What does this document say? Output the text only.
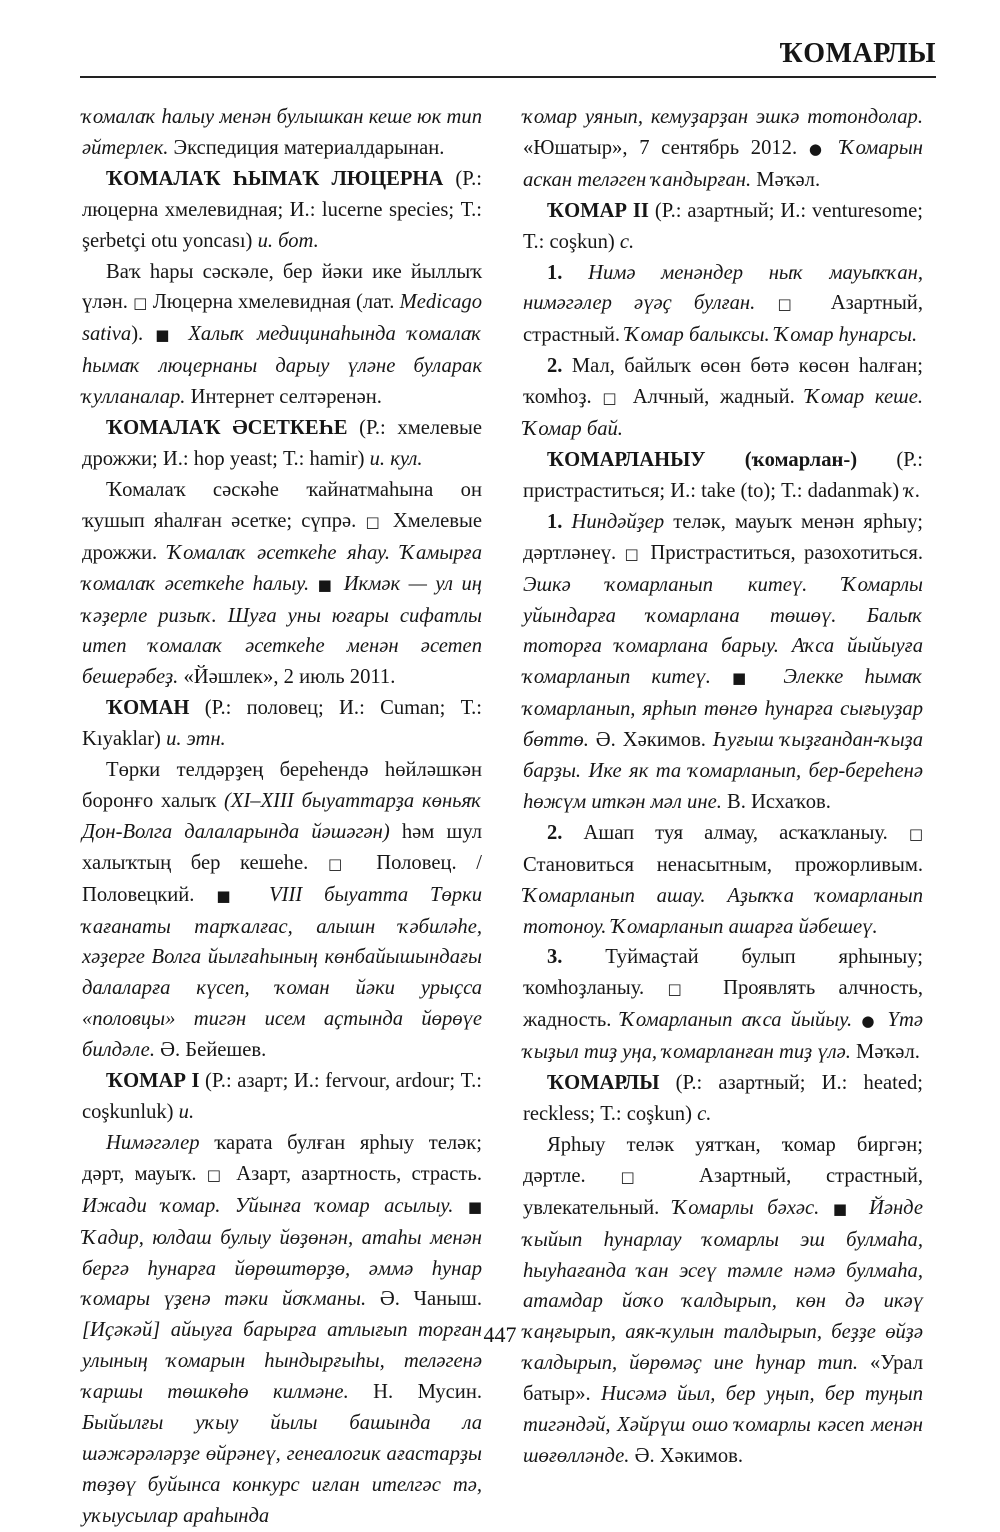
ҠОМАРЛЫ

ҡомалаҡ һалыу менән булышкан кеше юк тип әйтерлек. Экспедиция материалдарынан.

ҠОМАЛАҠ ҺЫМАҠ ЛЮЦЕРНА (Р.: люцерна хмелевидная; И.: lucerne species; Т.: şerbetçi otu yoncası) и. бот.

Ваҡ һары сәскәле, бер йәки ике йыллыҡ үлән. □ Люцерна хмелевидная (лат. Medicago sativa). ■ Халыҡ медицинаһында ҡомалаҡ һымаҡ люцернаны дарыу үләне буларак ҡулланалар. Интернет селтәренән.

ҠОМАЛАҠ ӘСЕТКЕҺЕ (Р.: хмелевые дрожжи; И.: hop yeast; Т.: hamir) и. кул.

Ҡомалаҡ сәскәһе ҡайнатмаһына он ҡушып яһалған әсетке; сүпрә. □ Хмелевые дрожжи. Ҡомалаҡ әсеткеһе яһау. Ҡамырға ҡомалаҡ әсеткеһе һалыу. ■ Икмәк — ул иң ҡәҙерле ризыҡ. Шуға уны юғары сифатлы итеп ҡомалаҡ әсеткеһе менән әсетеп бешерәбеҙ. «Йәшлек», 2 июль 2011.

ҠОМАН (Р.: половец; И.: Cuman; Т.: Kıyaklar) и. этн.

Төрки телдәрҙең береһендә һөйләшкән боронғо халыҡ (XI–XIII быуаттарҙа көньяҡ Дон-Волга далаларында йәшәгән) һәм шул халыҡтың бер кешеһе. □ Половец. / Половецкий. ■ VIII быуатта Төрки ҡағанаты тарҡалғас, алышн ҡәбиләһе, хәҙерге Волга йылғаһының көнбайышындағы далаларға күсеп, ҡоман йәки урыҫса «половцы» тигән исем аҫтында йөрөүе билдәле. Ә. Бейешев.

ҠОМАР I (Р.: азарт; И.: fervour, ardour; Т.: coşkunluk) и.

Нимәгәлер ҡарата булған ярһыу теләк; дәрт, мауыҡ. □ Азарт, азартность, страсть. Ижади ҡомар. Уйынға ҡомар асылыу. ■ Ҡадир, юлдаш булыу йөҙөнән, атаһы менән бергә һунарға йөрөштөрҙө, әммә һунар ҡомары үҙенә тәки йоҡманы. Ә. Чаныш. [Иҫәкәй] айыуға барырға атлығып торған улының ҡомарын һындырғыһы, теләгенә ҡаршы төшкөһө килмәне. Н. Мусин. Быйылғы уҡыу йылы башында ла шәжәрәләрҙе өйрәнеү, генеалогик ағастарҙы төҙөү буйынса конкурс иғлан ителгәс тә, уҡыусылар араһында

ҡомар уянып, кемуҙарҙан эшкә тотондолар. «Юшатыр», 7 сентябрь 2012. ● Ҡомарын аскан теләген ҡандырған. Мәҡәл.

ҠОМАР II (Р.: азартный; И.: venturesome; Т.: coşkun) с.

1. Нимә менәндер ныҡ мауыҡҡан, нимәгәлер әүәҫ булған. □ Азартный, страстный. Ҡомар балыксы. Ҡомар һунарсы.

2. Мал, байлыҡ өсөн бөтә көсөн һалған; ҡомһоҙ. □ Алчный, жадный. Ҡомар кеше. Ҡомар бай.

ҠОМАРЛАНЫУ (ҡомарлан-) (Р.: пристраститься; И.: take (to); Т.: dadanmak) ҡ.

1. Ниндәйҙер теләк, мауыҡ менән ярһыу; дәртләнеү. □ Пристраститься, разохотиться. Эшкә ҡомарланып китеү. Ҡомарлы уйындарға ҡомарлана төшөү. Балыҡ тоторға ҡомарлана барыу. Аҡса йыйыуға ҡомарланып китеү. ■ Элекке һымаҡ ҡомарланып, ярһып төнгө һунарға сығыуҙар бөттө. Ә. Хәкимов. Һуғыш ҡыҙғандан-ҡыҙа барҙы. Ике як та ҡомарланып, бер-береһенә һөжүм иткән мәл ине. В. Исхаҡов.

2. Ашап туя алмау, асҡаҡланыу. □ Становиться ненасытным, прожорливым. Ҡомарланып ашау. Аҙыҡҡа ҡомарланып тотоноу. Ҡомарланып ашарға йәбешеү.

3. Туймаҫтай булып ярһыныу; ҡомһоҙланыу. □ Проявлять алчность, жадность. Ҡомарланып аҡса йыйыу. ● Үтә ҡыҙыл тиҙ уңа, ҡомарланған тиҙ үлә. Мәҡәл.

ҠОМАРЛЫ (Р.: азартный; И.: heated; reckless; Т.: coşkun) с.

Ярһыу теләк уятҡан, ҡомар биргән; дәртле. □ Азартный, страстный, увлекательный. Ҡомарлы бәхәс. ■ Йәнде ҡыйып һунарлау ҡомарлы эш булмаһа, һыуһағанда ҡан эсеү тәмле нәмә булмаһа, атамдар йоҡо ҡалдырып, көн дә икәү ҡаңғырып, аяк-ҡулын талдырып, беҙҙе өйҙә ҡалдырып, йөрөмәҫ ине һунар тип. «Урал батыр». Нисәмә йыл, бер уңып, бер туңып тигәндәй, Хәйрүш ошо ҡомарлы кәсеп менән шөғөлләнде. Ә. Хәкимов.

447
